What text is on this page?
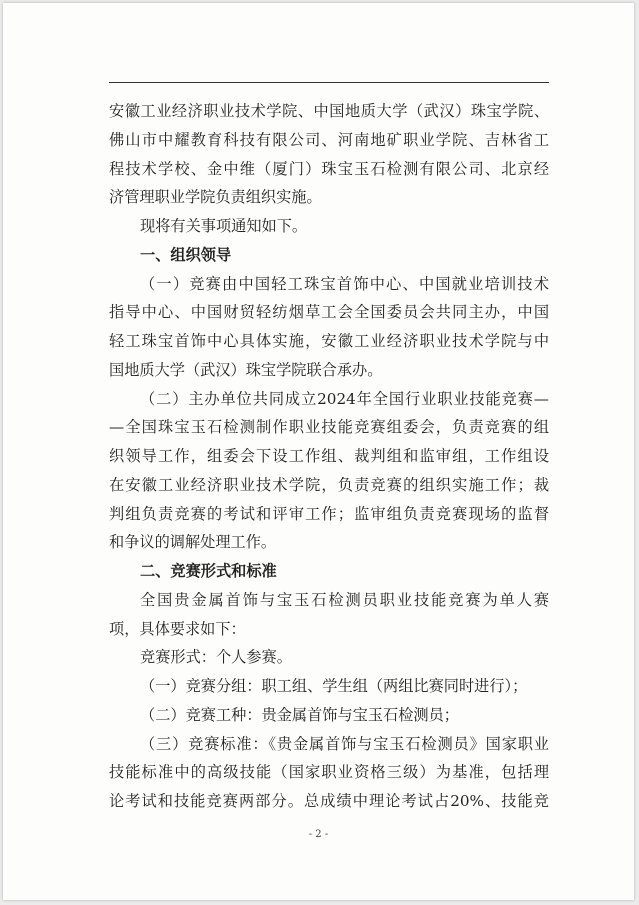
安徽工业经济职业技术学院、中国地质大学（武汉）珠宝学院、
佛山市中耀教育科技有限公司、河南地矿职业学院、吉林省工
程技术学校、金中维（厦门）珠宝玉石检测有限公司、北京经
济管理职业学院负责组织实施。
现将有关事项通知如下。
一、组织领导
（一）竞赛由中国轻工珠宝首饰中心、中国就业培训技术
指导中心、中国财贸轻纺烟草工会全国委员会共同主办，中国
轻工珠宝首饰中心具体实施，安徽工业经济职业技术学院与中
国地质大学（武汉）珠宝学院联合承办。
（二）主办单位共同成立2024年全国行业职业技能竞赛—
—全国珠宝玉石检测制作职业技能竞赛组委会，负责竞赛的组
织领导工作，组委会下设工作组、裁判组和监审组，工作组设
在安徽工业经济职业技术学院，负责竞赛的组织实施工作；裁
判组负责竞赛的考试和评审工作；监审组负责竞赛现场的监督
和争议的调解处理工作。
二、竞赛形式和标准
全国贵金属首饰与宝玉石检测员职业技能竞赛为单人赛
项，具体要求如下：
竞赛形式：个人参赛。
（一）竞赛分组：职工组、学生组（两组比赛同时进行）；
（二）竞赛工种：贵金属首饰与宝玉石检测员；
（三）竞赛标准：《贵金属首饰与宝玉石检测员》国家职业
技能标准中的高级技能（国家职业资格三级）为基准，包括理
论考试和技能竞赛两部分。总成绩中理论考试占20%、技能竞
- 2 -
